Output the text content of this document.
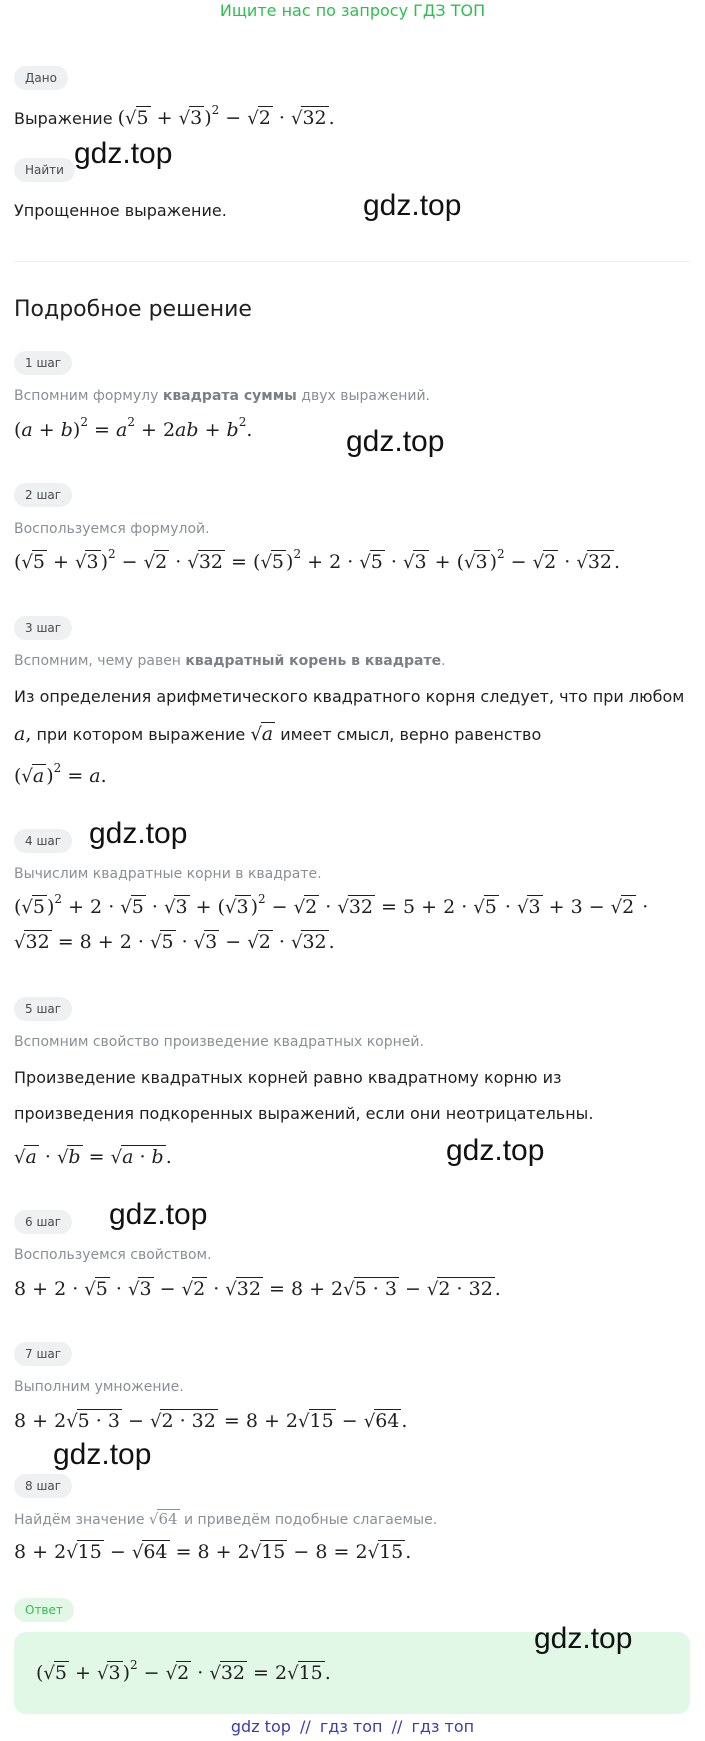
Ищите нас по запросу ГДЗ ТОП
Дано
Выражение (√5 + √3 )$^2$ − √2 · √32 .
Найти
Упрощенное выражение.
Подробное решение
1 шаг
Вспомним формулу квадрата суммы двух выражений.
$(a + b)^2 = a^2 + 2ab + b^2$.
2 шаг
Воспользуемся формулой.
(√5 + √3 )$^2$ − √2 · √32 = (√5 )$^2$ + 2 · √5 · √3 + (√3 )$^2$ − √2 · √32 .
3 шаг
Вспомним, чему равен квадратный корень в квадрате.
Из определения арифметического квадратного корня следует, что при любом
a, при котором выражение √a имеет смысл, верно равенство
(√a )$^2$ = a.
4 шаг
Вычислим квадратные корни в квадрате.
(√5 )$^2$ + 2 · √5 · √3 + (√3 )$^2$ − √2 · √32 = 5 + 2 · √5 · √3 + 3 − √2 ·
√32 = 8 + 2 · √5 · √3 − √2 · √32 .
5 шаг
Вспомним свойство произведение квадратных корней.
Произведение квадратных корней равно квадратному корню из
произведения подкоренных выражений, если они неотрицательны.
√a · √b = √a · b .
6 шаг
Воспользуемся свойством.
8 + 2 · √5 · √3 − √2 · √32 = 8 + 2√5 · 3 − √2 · 32 .
7 шаг
Выполним умножение.
8 + 2√5 · 3 − √2 · 32 = 8 + 2√15 − √64 .
8 шаг
Найдём значение √64 и приведём подобные слагаемые.
8 + 2√15 − √64 = 8 + 2√15 − 8 = 2√15 .
Ответ
(√5 + √3 )$^2$ − √2 · √32 = 2√15 .
gdz.top
gdz.top
gdz.top
gdz.top
gdz.top
gdz.top
gdz.top
gdz.top
gdz top // гдз топ // гдз топ
